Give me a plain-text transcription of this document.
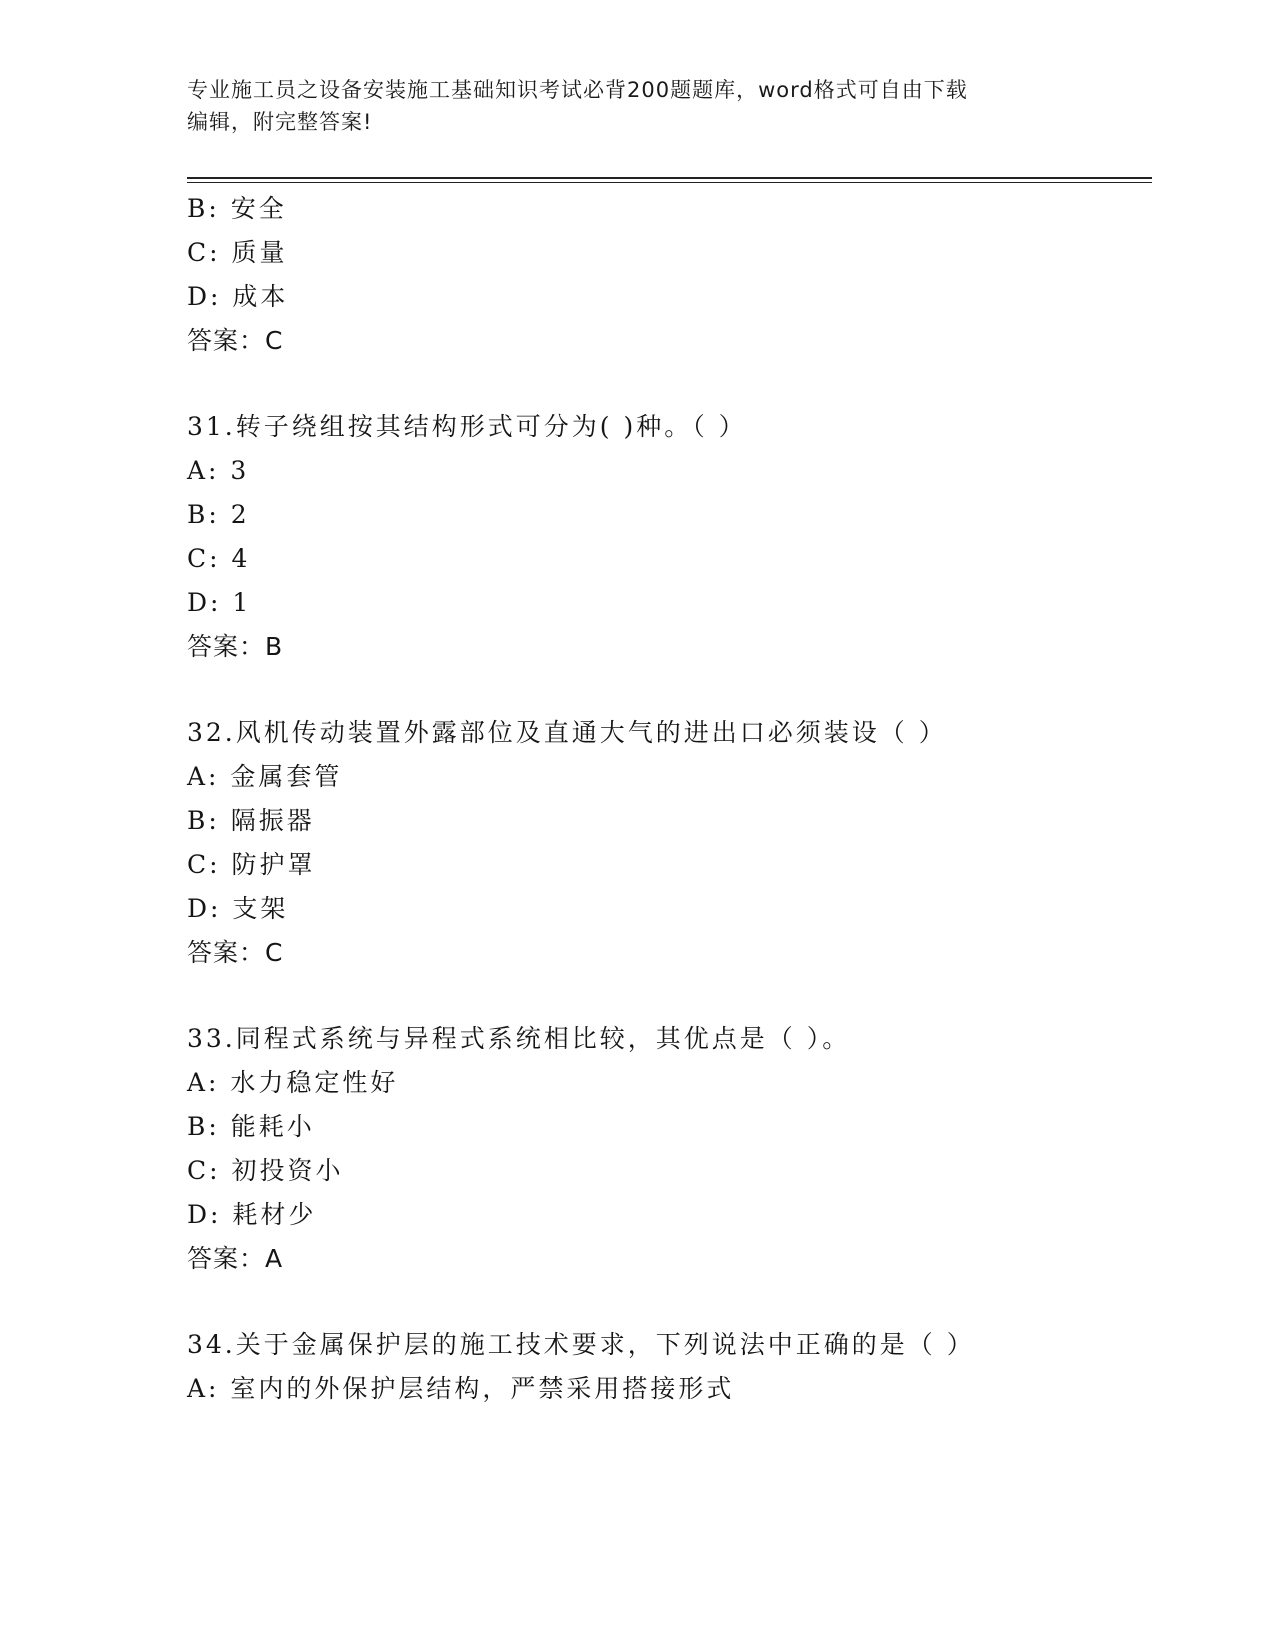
专业施工员之设备安装施工基础知识考试必背200题题库，word格式可自由下载
编辑，附完整答案!
B: 安全
C: 质量
D: 成本
答案：C
31.转子绕组按其结构形式可分为( )种。（ ）
A: 3
B: 2
C: 4
D: 1
答案：B
32.风机传动装置外露部位及直通大气的进出口必须装设（ ）
A: 金属套管
B: 隔振器
C: 防护罩
D: 支架
答案：C
33.同程式系统与异程式系统相比较，其优点是（ ）。
A: 水力稳定性好
B: 能耗小
C: 初投资小
D: 耗材少
答案：A
34.关于金属保护层的施工技术要求，下列说法中正确的是（ ）
A: 室内的外保护层结构，严禁采用搭接形式
